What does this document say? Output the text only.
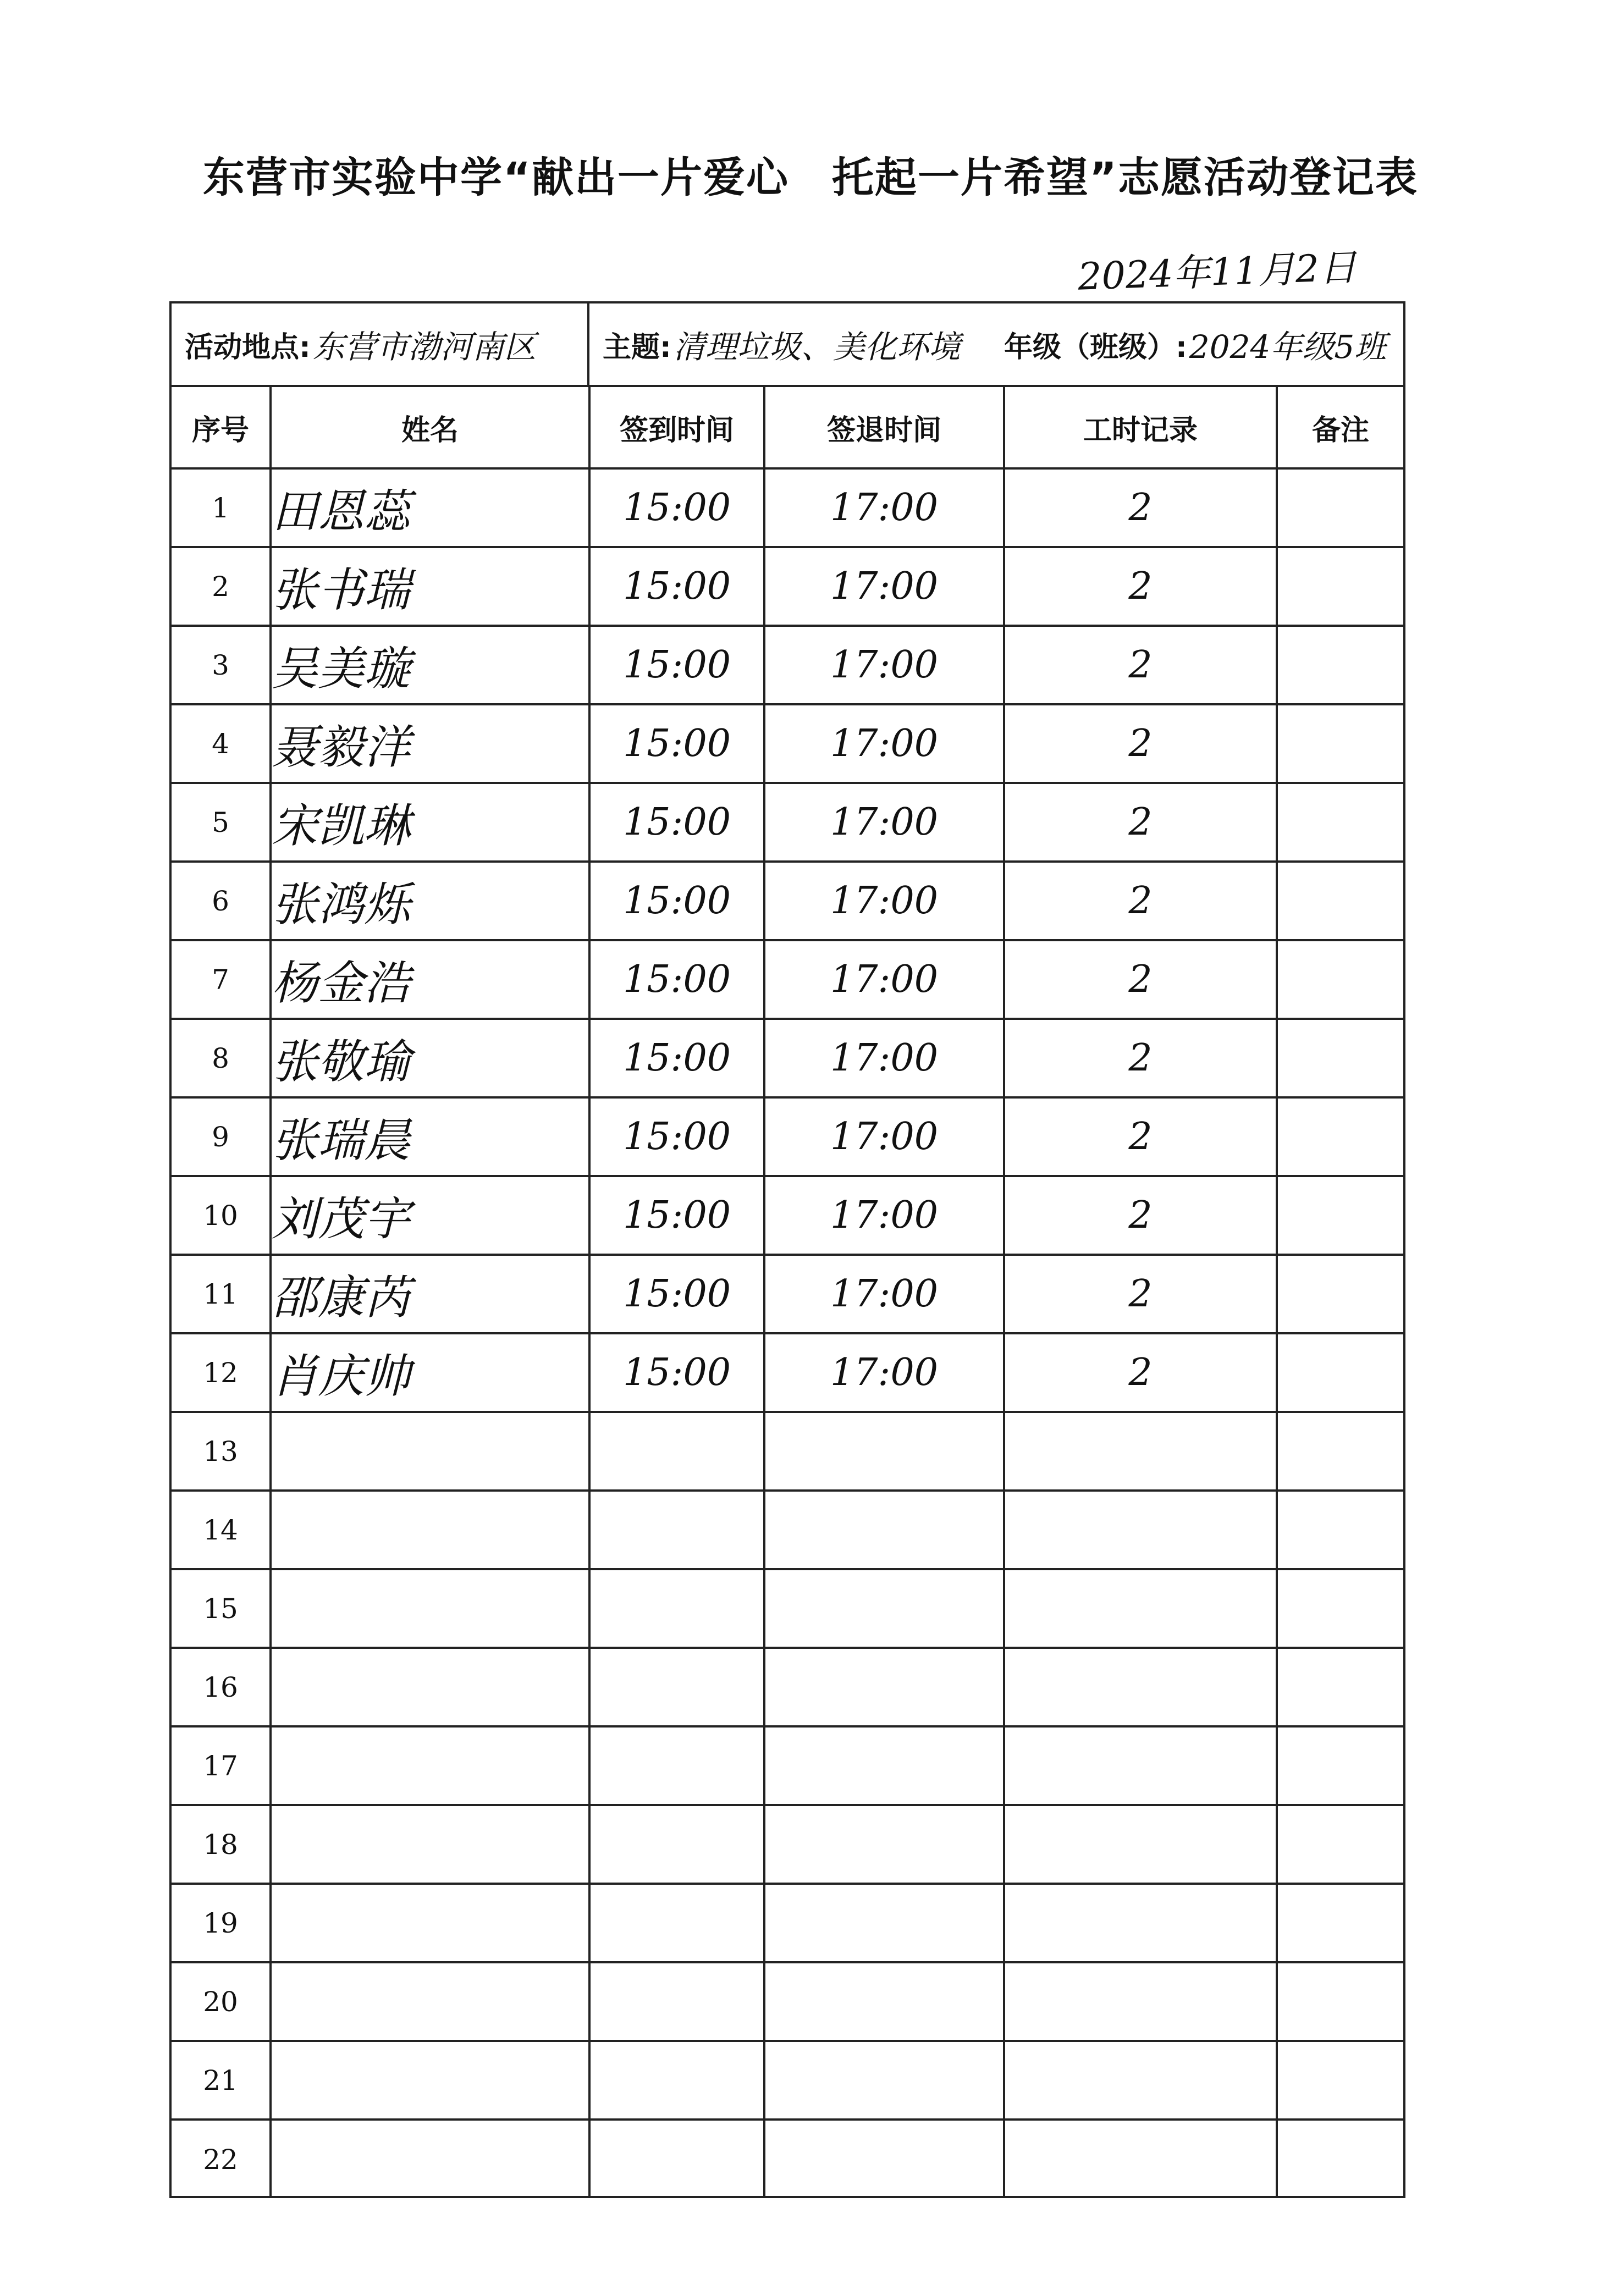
东营市实验中学“献出一片爱心　托起一片希望”志愿活动登记表
2024年11月2日
活动地点: 东营市渤河南区 主题: 清理垃圾、美化环境 年级（班级）: 2024年级5班
序号	姓名	签到时间	签退时间	工时记录	备注
1	田恩蕊	15:00	17:00	2	
2	张书瑞	15:00	17:00	2	
3	吴美璇	15:00	17:00	2	
4	聂毅洋	15:00	17:00	2	
5	宋凯琳	15:00	17:00	2	
6	张鸿烁	15:00	17:00	2	
7	杨金浩	15:00	17:00	2	
8	张敬瑜	15:00	17:00	2	
9	张瑞晨	15:00	17:00	2	
10	刘茂宇	15:00	17:00	2	
11	邵康芮	15:00	17:00	2	
12	肖庆帅	15:00	17:00	2	
13					
14					
15					
16					
17					
18					
19					
20					
21					
22					
